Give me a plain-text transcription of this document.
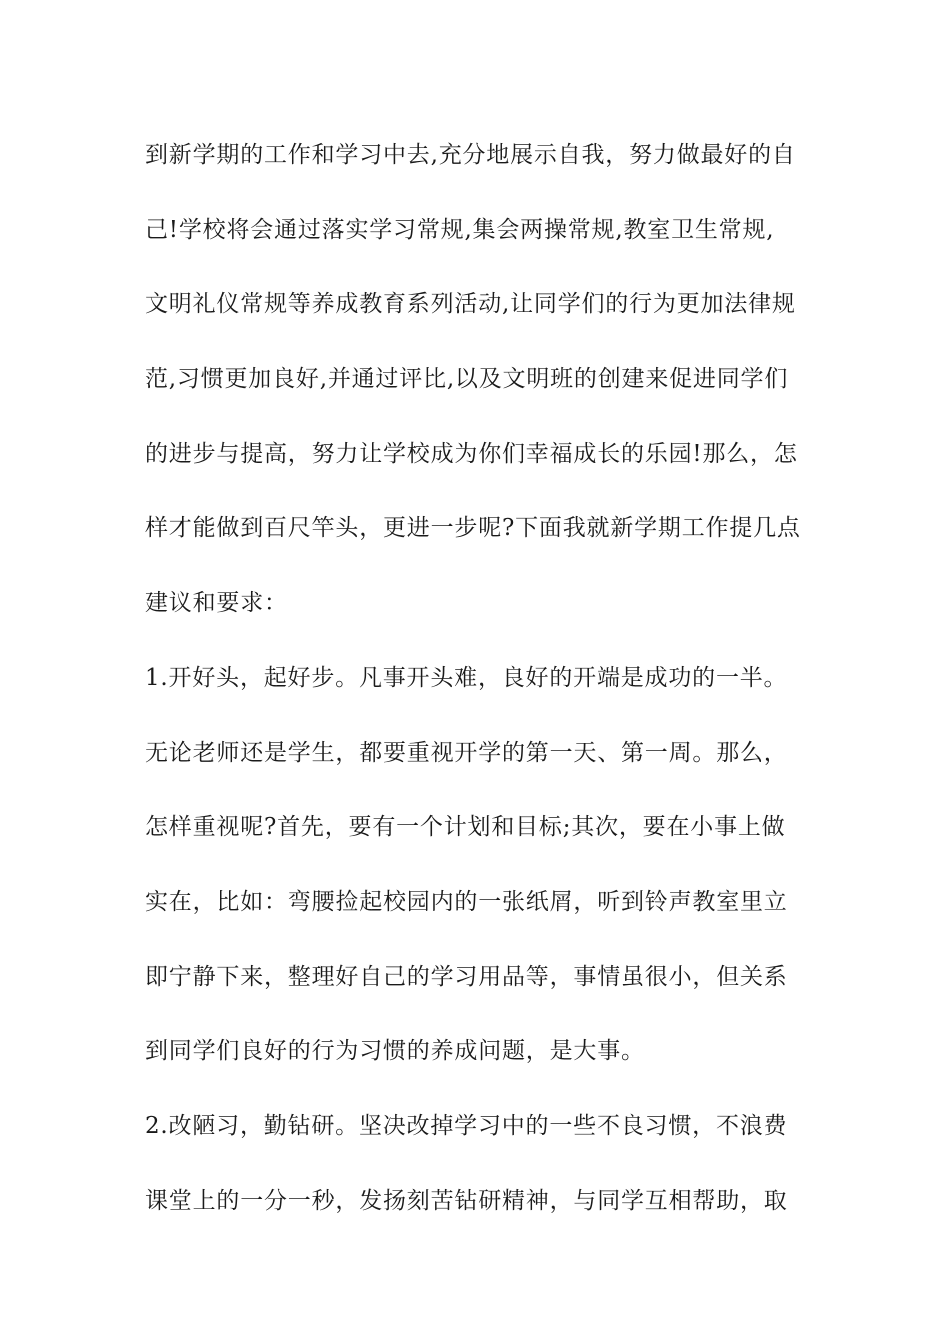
到新学期的工作和学习中去,充分地展示自我，努力做最好的自
己!学校将会通过落实学习常规,集会两操常规,教室卫生常规,
文明礼仪常规等养成教育系列活动,让同学们的行为更加法律规
范,习惯更加良好,并通过评比,以及文明班的创建来促进同学们
的进步与提高，努力让学校成为你们幸福成长的乐园!那么，怎
样才能做到百尺竿头，更进一步呢?下面我就新学期工作提几点
建议和要求：
1.开好头，起好步。凡事开头难，良好的开端是成功的一半。
无论老师还是学生，都要重视开学的第一天、第一周。那么，
怎样重视呢?首先，要有一个计划和目标;其次，要在小事上做
实在，比如：弯腰捡起校园内的一张纸屑，听到铃声教室里立
即宁静下来，整理好自己的学习用品等，事情虽很小，但关系
到同学们良好的行为习惯的养成问题，是大事。
2.改陋习，勤钻研。坚决改掉学习中的一些不良习惯，不浪费
课堂上的一分一秒，发扬刻苦钻研精神，与同学互相帮助，取
